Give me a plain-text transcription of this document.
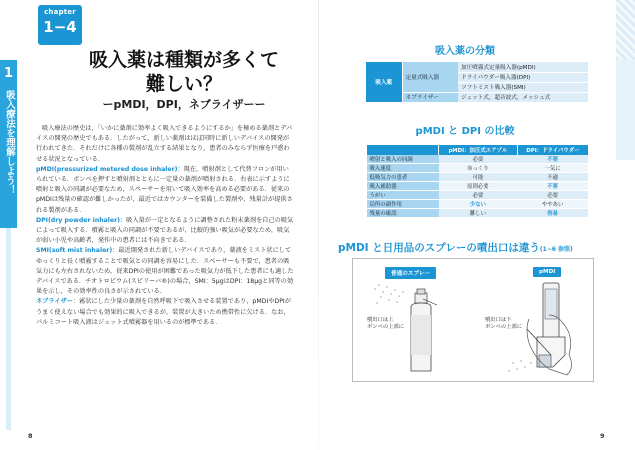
1
吸入療法を理解しよう！
chapter
1−4
吸入薬は種類が多くて
難しい？
ーpMDI，DPI，ネブライザーー

吸入療法の歴史は，「いかに薬剤に効率よく吸入できるようにするか」を極める薬剤とデバイスの開発の歴史でもある．したがって，新しい薬剤はほぼ同時に新しいデバイスの開発が行われてきた．それだけに各種の製剤が乱立する結果となり，患者のみならず医療を戸惑わせる状況となっている．

pMDI(pressurized metered dose inhaler)：現在，噴射剤として代替フロンが用いられている．ボンベを押すと噴射剤とともに一定量の薬剤が噴射される．右表に示すように噴射と吸入の同調が必要なため，スペーサーを用いて吸入効率を高める必要がある．従来のpMDIは残量の確認が難しかったが，最近ではカウンターを装備した製剤や，残量計が提供される製剤がある．

DPI(dry powder inhaler)：吸入量が一定となるように調整された粉末薬剤を自己の吸気によって吸入する．噴霧と吸入の同調が不要であるが，比較的強い吸気が必要なため，吸気が弱い小児や高齢者，発作中の患者には不向きである．

SMI(soft mist inhaler)：最近開発された新しいデバイスであり，薬液をミスト状にしてゆっくりと長く噴霧することで吸気との同調を容易にした．スペーサーも不要で，患者の吸気力にも左右されないため，従来DPIの使用が困難であった吸気力が低下した患者にも適したデバイスである．チオトロピウム(スピリーバ®)の場合，SMI：5μgはDPI：18μgと同等の効果を示し，その効率性の良さが示されている．

ネブライザー：霧状にした少量の薬剤を自然呼吸下で吸入させる装置であり，pMDIやDPIがうまく使えない場合でも効果的に吸入できるが，装置が大きいため携帯性に欠ける．なお，パルミコート吸入液はジェット式噴霧器を用いるのが標準である．

8
吸入薬の分類
吸入薬	定量式吸入器	加圧噴霧式定量吸入器(pMDI)
		ドライパウダー吸入器(DPI)
		ソフトミスト吸入器(SMI)
	ネブライザー	ジェット式，超音波式，メッシュ式
pMDI と DPI の比較
	pMDI：加圧式エアゾル	DPI：ドライパウダー
噴射と吸入の同調	必要	不要
吸入速度	ゆっくり	一気に
低吸気力の患者	可能	不適
吸入補助器	原則必要	不要
うがい	必要	必要
局所の副作用	少ない	ややあい
残量の確認	難しい	容易
pMDI と日用品のスプレーの噴出口は違う(1−6 参照)
普通のスプレー	pMDI
噴出口は上
ボンベの上部に
噴出口は下
ボンベの上部に
9
